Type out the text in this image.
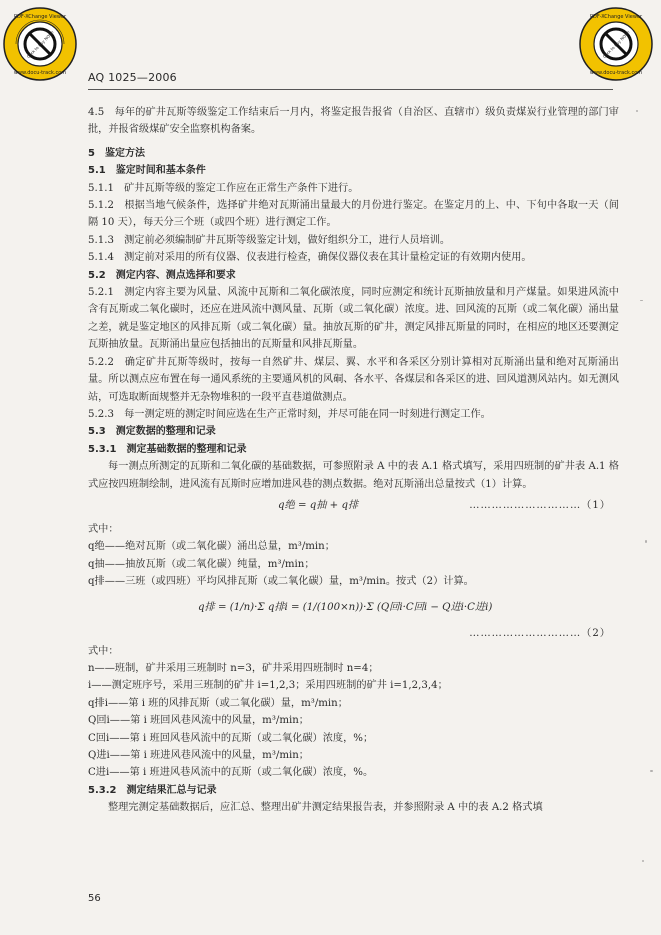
PDF-XChange Viewer
www.docu-track.com
Click to buy NOW!
PDF-XChange Viewer
www.docu-track.com
Click to buy NOW!
AQ 1025—2006

4.5　每年的矿井瓦斯等级鉴定工作结束后一月内，将鉴定报告报省（自治区、直辖市）级负责煤炭行业管理的部门审批，并报省级煤矿安全监察机构备案。

5　鉴定方法

5.1　鉴定时间和基本条件

5.1.1　矿井瓦斯等级的鉴定工作应在正常生产条件下进行。

5.1.2　根据当地气候条件，选择矿井绝对瓦斯涌出量最大的月份进行鉴定。在鉴定月的上、中、下旬中各取一天（间隔 10 天），每天分三个班（或四个班）进行测定工作。

5.1.3　测定前必须编制矿井瓦斯等级鉴定计划，做好组织分工，进行人员培训。

5.1.4　测定前对采用的所有仪器、仪表进行检查，确保仪器仪表在其计量检定证的有效期内使用。

5.2　测定内容、测点选择和要求

5.2.1　测定内容主要为风量、风流中瓦斯和二氧化碳浓度，同时应测定和统计瓦斯抽放量和月产煤量。如果进风流中含有瓦斯或二氧化碳时，还应在进风流中测风量、瓦斯（或二氧化碳）浓度。进、回风流的瓦斯（或二氧化碳）涌出量之差，就是鉴定地区的风排瓦斯（或二氧化碳）量。抽放瓦斯的矿井，测定风排瓦斯量的同时，在相应的地区还要测定瓦斯抽放量。瓦斯涌出量应包括抽出的瓦斯量和风排瓦斯量。

5.2.2　确定矿井瓦斯等级时，按每一自然矿井、煤层、翼、水平和各采区分别计算相对瓦斯涌出量和绝对瓦斯涌出量。所以测点应布置在每一通风系统的主要通风机的风硐、各水平、各煤层和各采区的进、回风道测风站内。如无测风站，可选取断面规整并无杂物堆积的一段平直巷道做测点。

5.2.3　每一测定班的测定时间应选在生产正常时刻，并尽可能在同一时刻进行测定工作。

5.3　测定数据的整理和记录

5.3.1　测定基础数据的整理和记录

每一测点所测定的瓦斯和二氧化碳的基础数据，可参照附录 A 中的表 A.1 格式填写，采用四班制的矿井表 A.1 格式应按四班制绘制，进风流有瓦斯时应增加进风巷的测点数据。绝对瓦斯涌出总量按式（1）计算。

q绝 = q抽 + q排	…………………………（1）

式中：

q绝——绝对瓦斯（或二氧化碳）涌出总量，m³/min；

q抽——抽放瓦斯（或二氧化碳）纯量，m³/min；

q排——三班（或四班）平均风排瓦斯（或二氧化碳）量，m³/min。按式（2）计算。

q排 = (1/n)·Σ q排i = (1/(100×n))·Σ (Q回i·C回i − Q进i·C进i)
…………………………（2）

式中：

n——班制，矿井采用三班制时 n=3，矿井采用四班制时 n=4；

i——测定班序号，采用三班制的矿井 i=1,2,3；采用四班制的矿井 i=1,2,3,4；

q排i——第 i 班的风排瓦斯（或二氧化碳）量，m³/min；

Q回i——第 i 班回风巷风流中的风量，m³/min；

C回i——第 i 班回风巷风流中的瓦斯（或二氧化碳）浓度，%；

Q进i——第 i 班进风巷风流中的风量，m³/min；

C进i——第 i 班进风巷风流中的瓦斯（或二氧化碳）浓度，%。

5.3.2　测定结果汇总与记录

整理完测定基础数据后，应汇总、整理出矿井测定结果报告表，并参照附录 A 中的表 A.2 格式填

56
